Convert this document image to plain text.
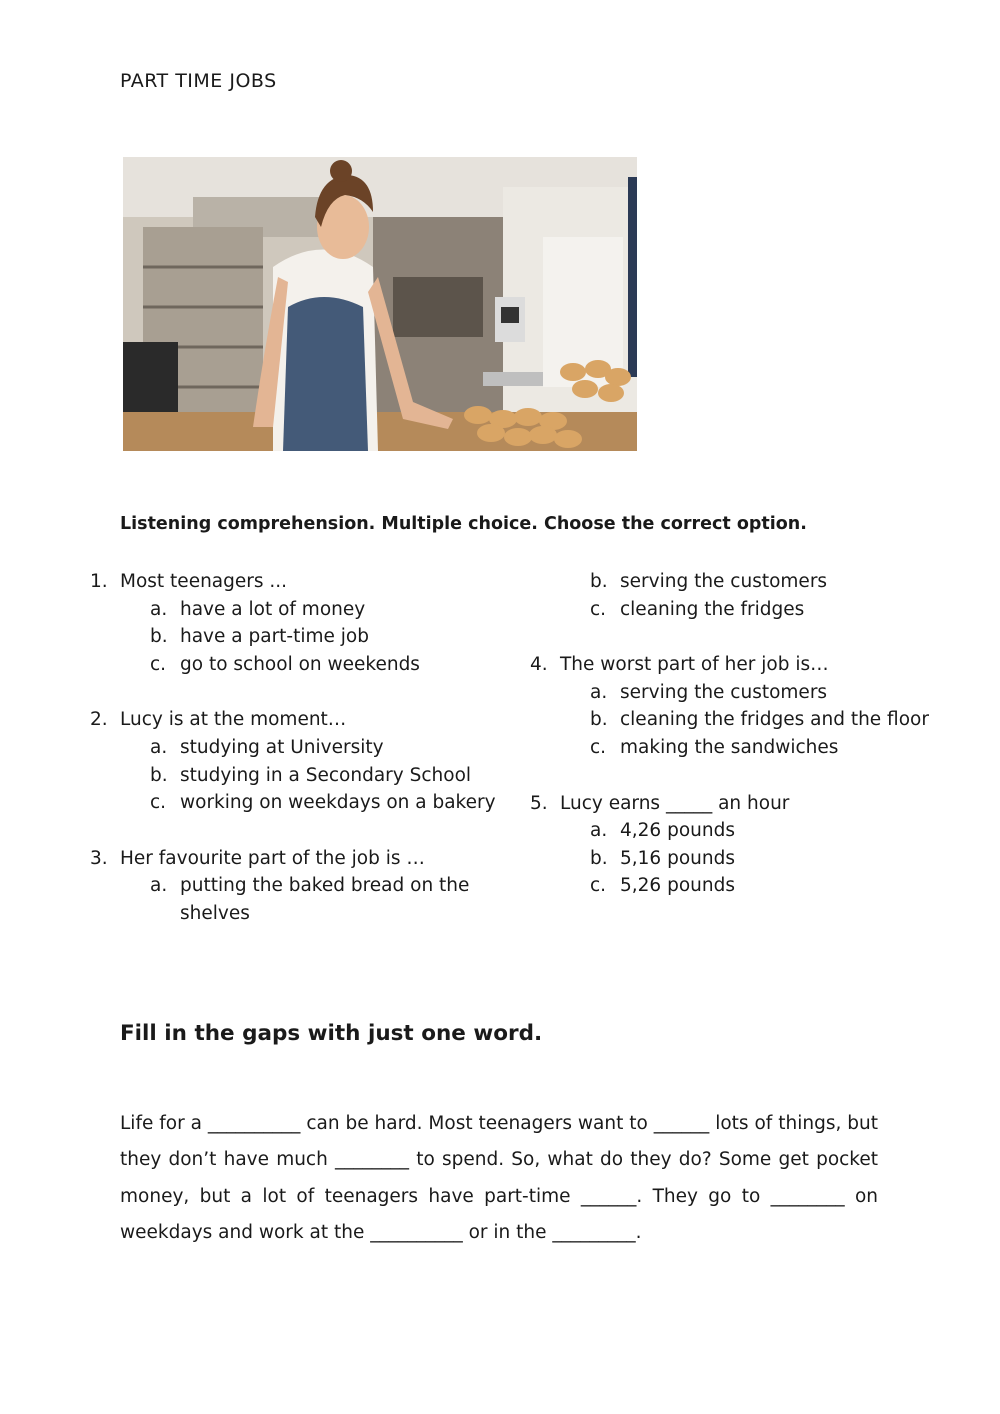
PART TIME JOBS
Listening comprehension. Multiple choice. Choose the correct option.
1. Most teenagers ...
a. have a lot of money
b. have a part-time job
c. go to school on weekends
2. Lucy is at the moment…
a. studying at University
b. studying in a Secondary School
c. working on weekdays on a bakery
3. Her favourite part of the job is …
a. putting the baked bread on the shelves
b. serving the customers
c. cleaning the fridges
4. The worst part of her job is…
a. serving the customers
b. cleaning the fridges and the floor
c. making the sandwiches
5. Lucy earns _____ an hour
a. 4,26 pounds
b. 5,16 pounds
c. 5,26 pounds
Fill in the gaps with just one word.
Life for a __________ can be hard. Most teenagers want to ______ lots of things, but they don’t have much ________ to spend. So, what do they do? Some get pocket money, but a lot of teenagers have part-time ______. They go to ________ on weekdays and work at the __________ or in the _________.
